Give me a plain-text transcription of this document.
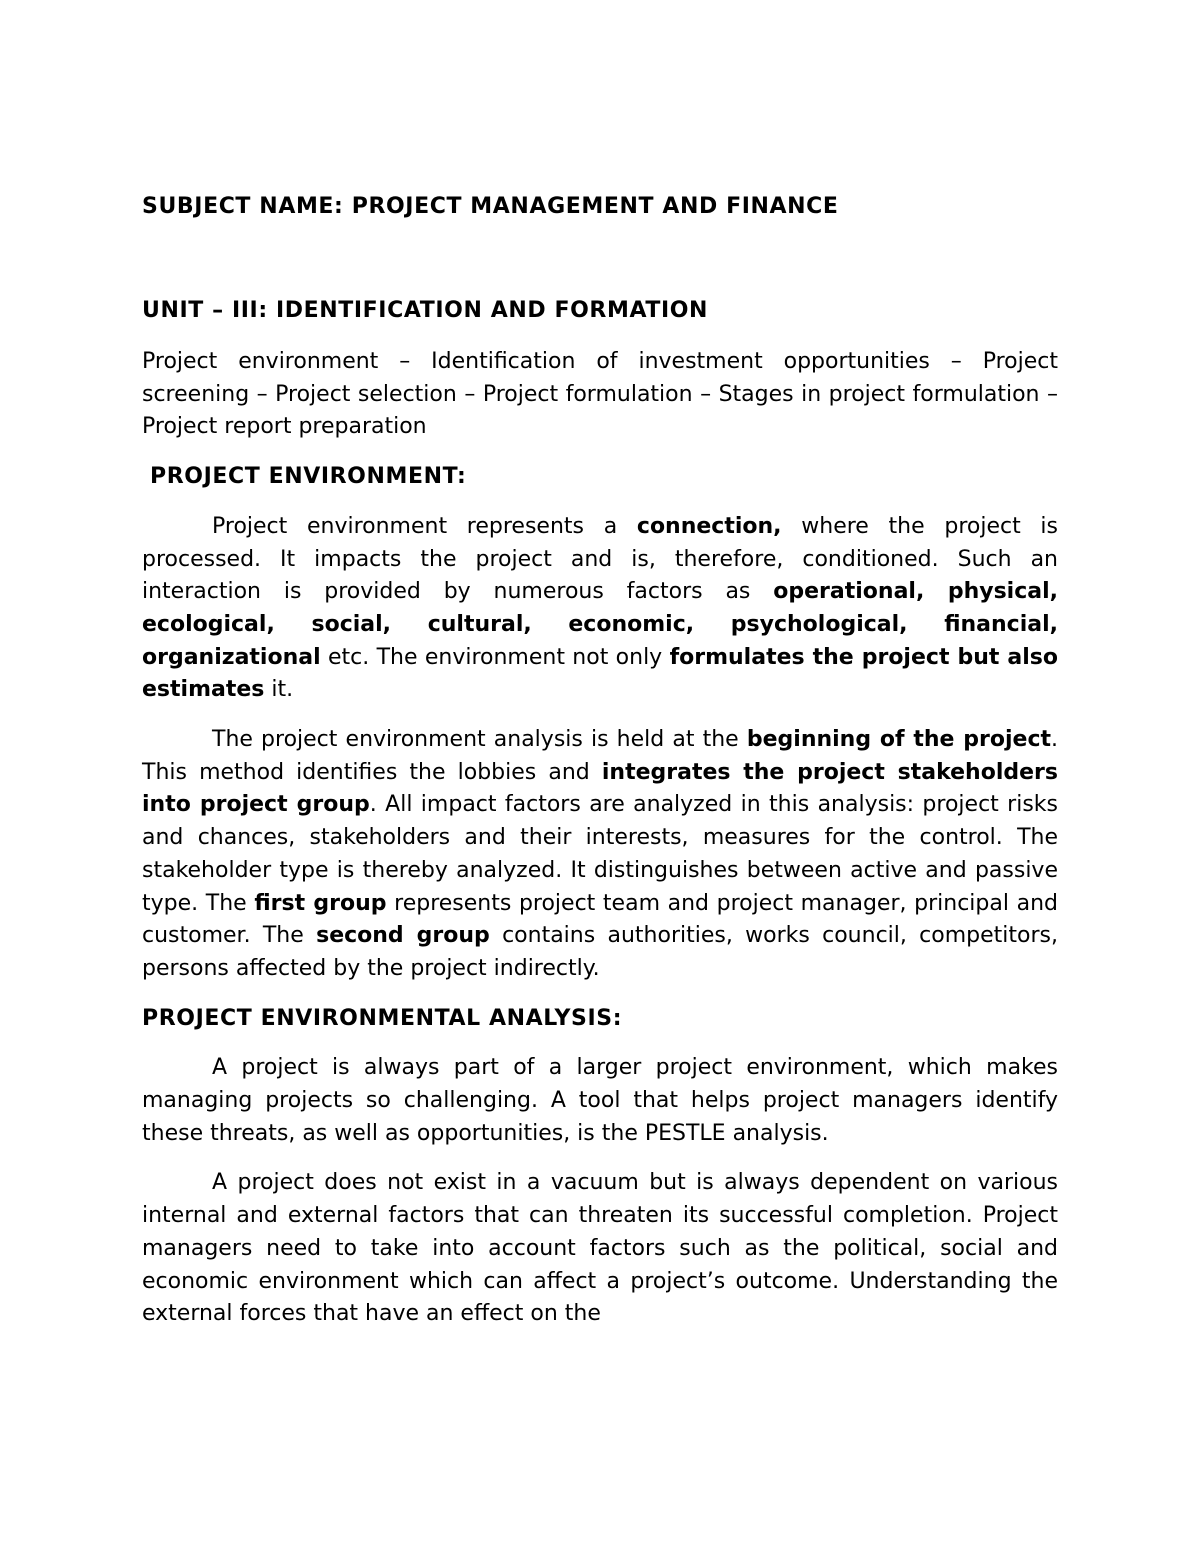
SUBJECT NAME: PROJECT MANAGEMENT AND FINANCE
UNIT – III: IDENTIFICATION AND FORMATION

Project environment – Identification of investment opportunities – Project screening – Project selection – Project formulation – Stages in project formulation – Project report preparation

PROJECT ENVIRONMENT:

Project environment represents a connection, where the project is processed. It impacts the project and is, therefore, conditioned. Such an interaction is provided by numerous factors as operational, physical, ecological, social, cultural, economic, psychological, financial, organizational etc. The environment not only formulates the project but also estimates it.

The project environment analysis is held at the beginning of the project. This method identifies the lobbies and integrates the project stakeholders into project group. All impact factors are analyzed in this analysis: project risks and chances, stakeholders and their interests, measures for the control. The stakeholder type is thereby analyzed. It distinguishes between active and passive type. The first group represents project team and project manager, principal and customer. The second group contains authorities, works council, competitors, persons affected by the project indirectly.

PROJECT ENVIRONMENTAL ANALYSIS:

A project is always part of a larger project environment, which makes managing projects so challenging. A tool that helps project managers identify these threats, as well as opportunities, is the PESTLE analysis.

A project does not exist in a vacuum but is always dependent on various internal and external factors that can threaten its successful completion. Project managers need to take into account factors such as the political, social and economic environment which can affect a project’s outcome. Understanding the external forces that have an effect on the
